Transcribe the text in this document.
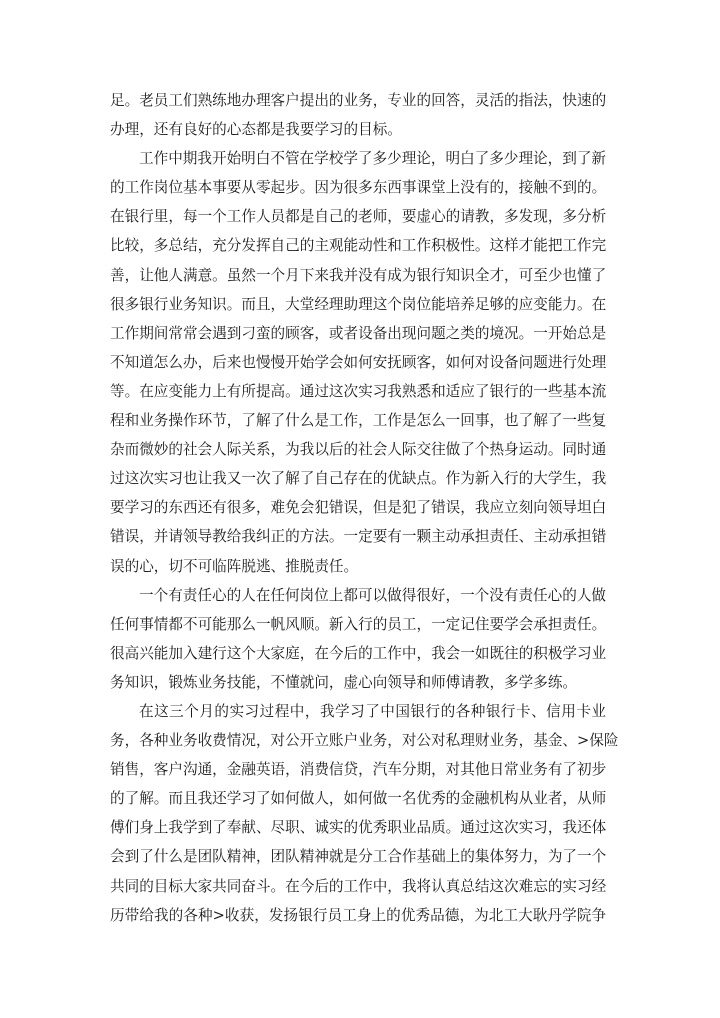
足。老员工们熟练地办理客户提出的业务，专业的回答，灵活的指法，快速的
办理，还有良好的心态都是我要学习的目标。
工作中期我开始明白不管在学校学了多少理论，明白了多少理论，到了新
的工作岗位基本事要从零起步。因为很多东西事课堂上没有的，接触不到的。
在银行里，每一个工作人员都是自己的老师，要虚心的请教，多发现，多分析
比较，多总结，充分发挥自己的主观能动性和工作积极性。这样才能把工作完
善，让他人满意。虽然一个月下来我并没有成为银行知识全才，可至少也懂了
很多银行业务知识。而且，大堂经理助理这个岗位能培养足够的应变能力。在
工作期间常常会遇到刁蛮的顾客，或者设备出现问题之类的境况。一开始总是
不知道怎么办，后来也慢慢开始学会如何安抚顾客，如何对设备问题进行处理
等。在应变能力上有所提高。通过这次实习我熟悉和适应了银行的一些基本流
程和业务操作环节，了解了什么是工作，工作是怎么一回事，也了解了一些复
杂而微妙的社会人际关系，为我以后的社会人际交往做了个热身运动。同时通
过这次实习也让我又一次了解了自己存在的优缺点。作为新入行的大学生，我
要学习的东西还有很多，难免会犯错误，但是犯了错误，我应立刻向领导坦白
错误，并请领导教给我纠正的方法。一定要有一颗主动承担责任、主动承担错
误的心，切不可临阵脱逃、推脱责任。
一个有责任心的人在任何岗位上都可以做得很好，一个没有责任心的人做
任何事情都不可能那么一帆风顺。新入行的员工，一定记住要学会承担责任。
很高兴能加入建行这个大家庭，在今后的工作中，我会一如既往的积极学习业
务知识，锻炼业务技能，不懂就问，虚心向领导和师傅请教，多学多练。
在这三个月的实习过程中，我学习了中国银行的各种银行卡、信用卡业
务，各种业务收费情况，对公开立账户业务，对公对私理财业务，基金、>保险
销售，客户沟通，金融英语，消费信贷，汽车分期，对其他日常业务有了初步
的了解。而且我还学习了如何做人，如何做一名优秀的金融机构从业者，从师
傅们身上我学到了奉献、尽职、诚实的优秀职业品质。通过这次实习，我还体
会到了什么是团队精神，团队精神就是分工合作基础上的集体努力，为了一个
共同的目标大家共同奋斗。在今后的工作中，我将认真总结这次难忘的实习经
历带给我的各种>收获，发扬银行员工身上的优秀品德，为北工大耿丹学院争
